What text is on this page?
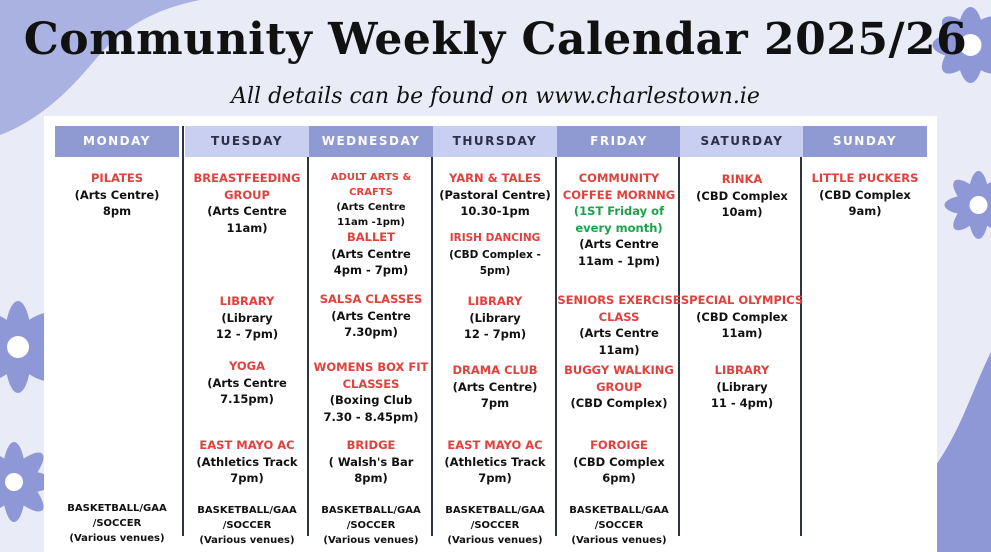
Community Weekly Calendar 2025/26
All details can be found on www.charlestown.ie
MONDAY
PILATES
(Arts Centre)
8pm
BASKETBALL/GAA /SOCCER
(Various venues)
TUESDAY
BREASTFEEDING GROUP
(Arts Centre
11am)
LIBRARY
(Library
12 - 7pm)
YOGA
(Arts Centre
7.15pm)
EAST MAYO AC
(Athletics Track
7pm)
BASKETBALL/GAA /SOCCER
(Various venues)
WEDNESDAY
ADULT ARTS & CRAFTS
(Arts Centre
11am -1pm)
BALLET
(Arts Centre
4pm - 7pm)
SALSA CLASSES
(Arts Centre
7.30pm)
WOMENS BOX FIT CLASSES
(Boxing Club
7.30 - 8.45pm)
BRIDGE
( Walsh's Bar
8pm)
BASKETBALL/GAA /SOCCER
(Various venues)
THURSDAY
YARN & TALES
(Pastoral Centre)
10.30-1pm
IRISH DANCING
(CBD Complex - 5pm)
LIBRARY
(Library
12 - 7pm)
DRAMA CLUB
(Arts Centre)
7pm
EAST MAYO AC
(Athletics Track
7pm)
BASKETBALL/GAA /SOCCER
(Various venues)
FRIDAY
COMMUNITY COFFEE MORNNG
(1ST Friday of every month)
(Arts Centre
11am - 1pm)
SENIORS EXERCISE CLASS
(Arts Centre 11am)
BUGGY WALKING GROUP
(CBD Complex)
FOROIGE
(CBD Complex
6pm)
BASKETBALL/GAA /SOCCER
(Various venues)
SATURDAY
RINKA
(CBD Complex
10am)
SPECIAL OLYMPICS
(CBD Complex
11am)
LIBRARY
(Library
11 - 4pm)
SUNDAY
LITTLE PUCKERS
(CBD Complex
9am)
